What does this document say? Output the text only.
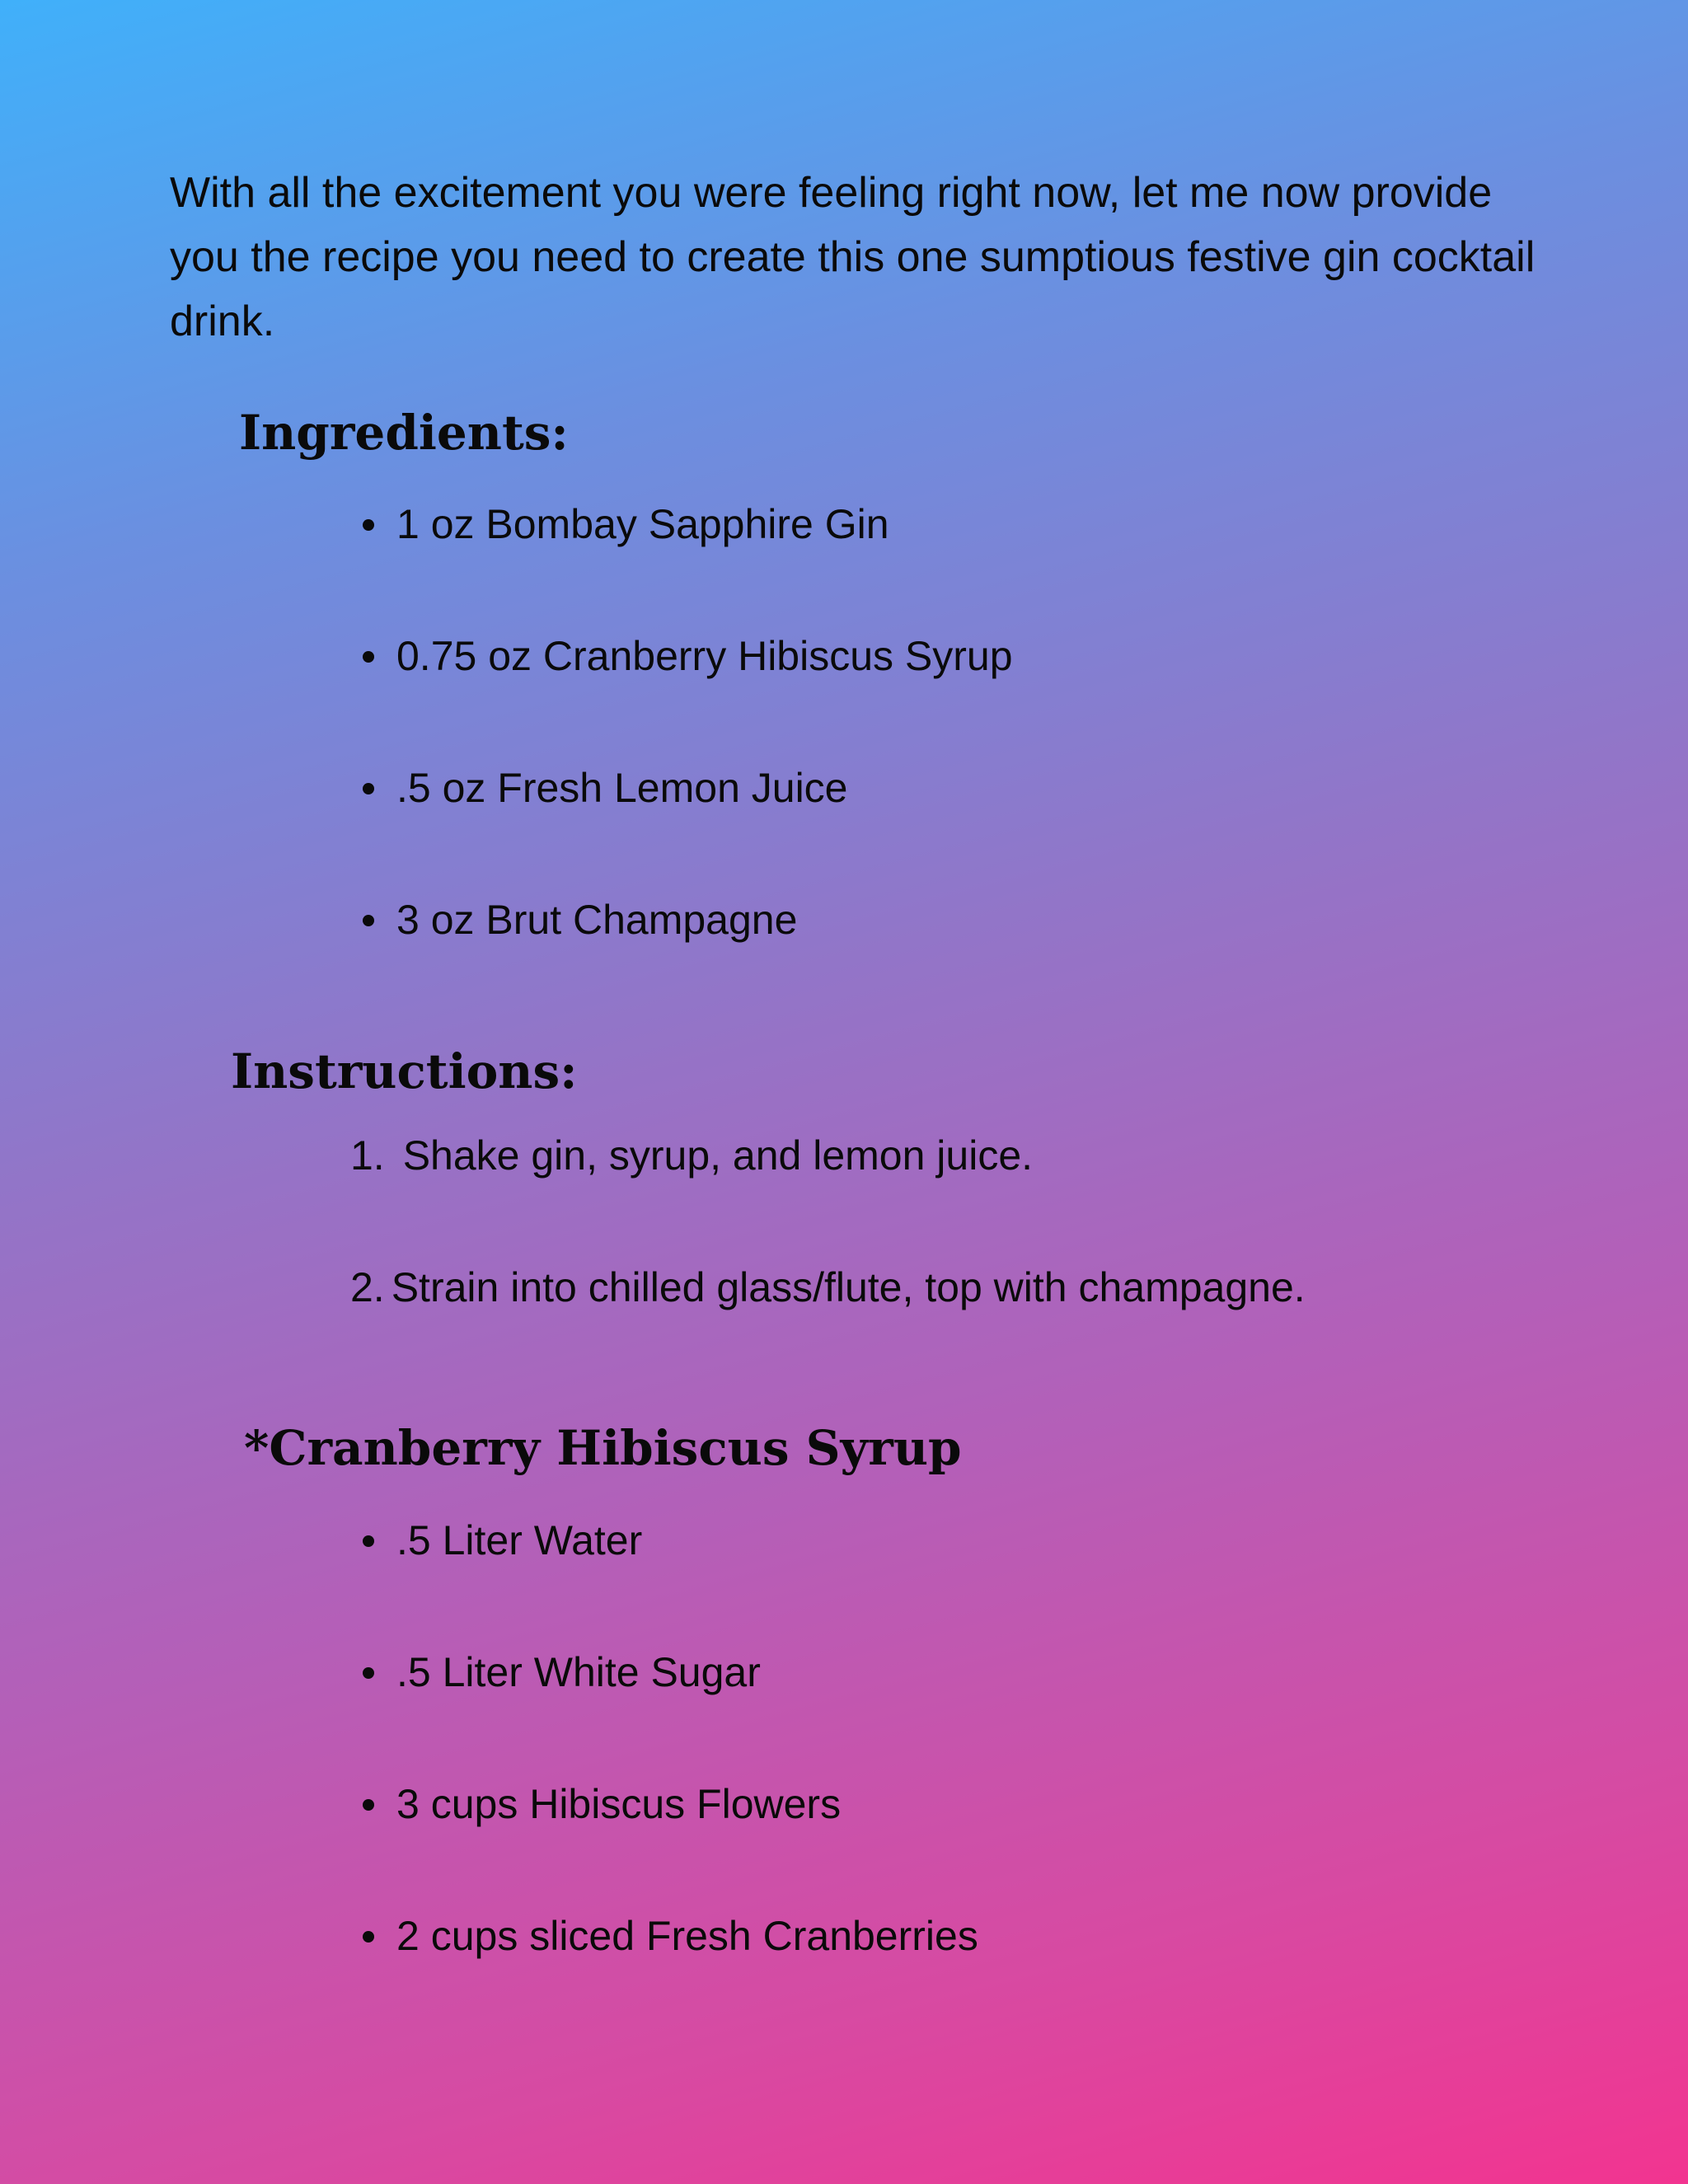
With all the excitement you were feeling right now, let me now provide you the recipe you need to create this one sumptious festive gin cocktail drink.

Ingredients:
1 oz Bombay Sapphire Gin
0.75 oz Cranberry Hibiscus Syrup
.5 oz Fresh Lemon Juice
3 oz Brut Champagne
Instructions:
1. Shake gin, syrup, and lemon juice.
2. Strain into chilled glass/flute, top with champagne.
*Cranberry Hibiscus Syrup
.5 Liter Water
.5 Liter White Sugar
3 cups Hibiscus Flowers
2 cups sliced Fresh Cranberries
